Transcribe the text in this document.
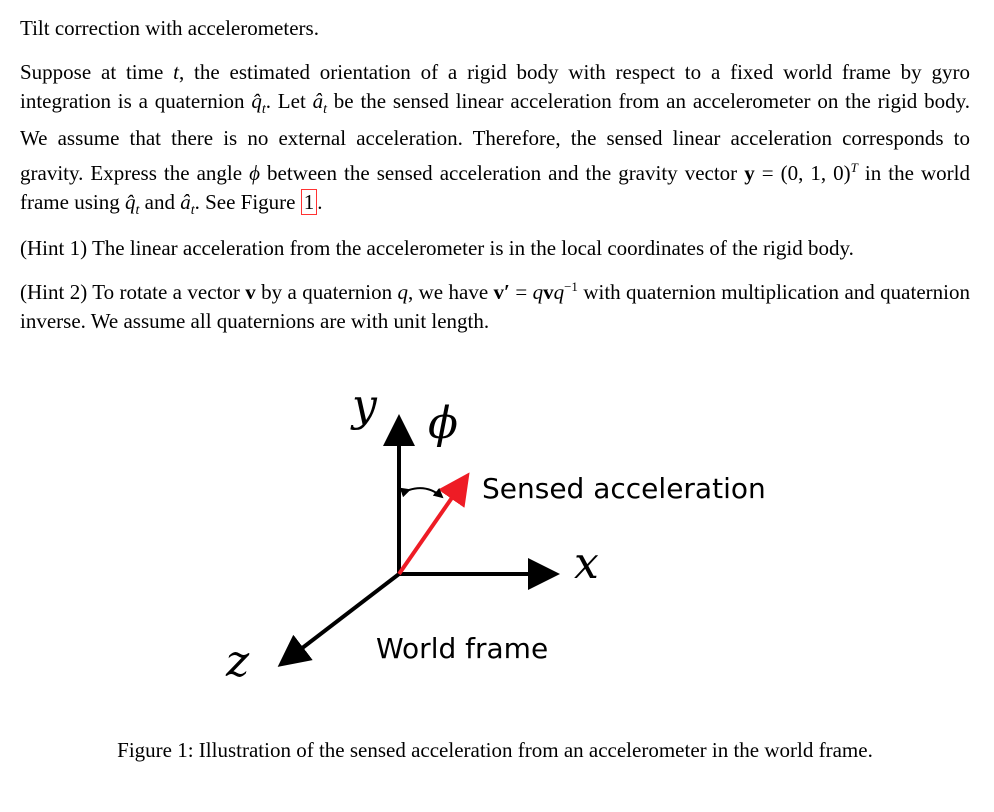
Tilt correction with accelerometers.
Suppose at time t, the estimated orientation of a rigid body with respect to a fixed world frame by gyro integration is a quaternion $q̂_t$. Let $â_t$ be the sensed linear acceleration from an accelerometer on the rigid body. We assume that there is no external acceleration. Therefore, the sensed linear acceleration corresponds to gravity. Express the angle ϕ between the sensed acceleration and the gravity vector y = (0, 1, 0)$^T$ in the world frame using $q̂_t$ and $â_t$. See Figure 1 .
(Hint 1) The linear acceleration from the accelerometer is in the local coordinates of the rigid body.
(Hint 2) To rotate a vector v by a quaternion q, we have v′ = qvq$^{-1}$ with quaternion multiplication and quaternion inverse. We assume all quaternions are with unit length.
y ϕ
Sensed acceleration
x
World frame
z
Figure 1: Illustration of the sensed acceleration from an accelerometer in the world frame.
